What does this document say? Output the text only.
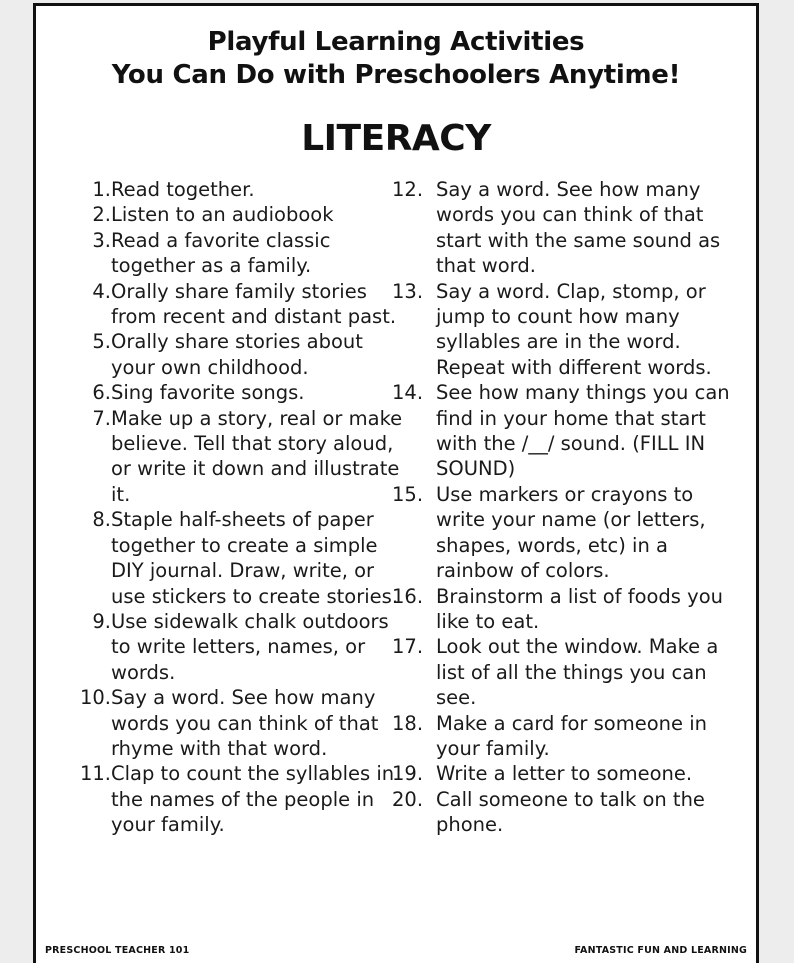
Playful Learning Activities
You Can Do with Preschoolers Anytime!
LITERACY
1. Read together.
2. Listen to an audiobook
3. Read a favorite classic together as a family.
4. Orally share family stories from recent and distant past.
5. Orally share stories about your own childhood.
6. Sing favorite songs.
7. Make up a story, real or make believe. Tell that story aloud, or write it down and illustrate it.
8. Staple half-sheets of paper together to create a simple DIY journal. Draw, write, or use stickers to create stories.
9. Use sidewalk chalk outdoors to write letters, names, or words.
10. Say a word. See how many words you can think of that rhyme with that word.
11. Clap to count the syllables in the names of the people in your family.
12. Say a word. See how many words you can think of that start with the same sound as that word.
13. Say a word. Clap, stomp, or jump to count how many syllables are in the word. Repeat with different words.
14. See how many things you can find in your home that start with the /__/ sound. (FILL IN SOUND)
15. Use markers or crayons to write your name (or letters, shapes, words, etc) in a rainbow of colors.
16. Brainstorm a list of foods you like to eat.
17. Look out the window. Make a list of all the things you can see.
18. Make a card for someone in your family.
19. Write a letter to someone.
20. Call someone to talk on the phone.
PRESCHOOL TEACHER 101	FANTASTIC FUN AND LEARNING
